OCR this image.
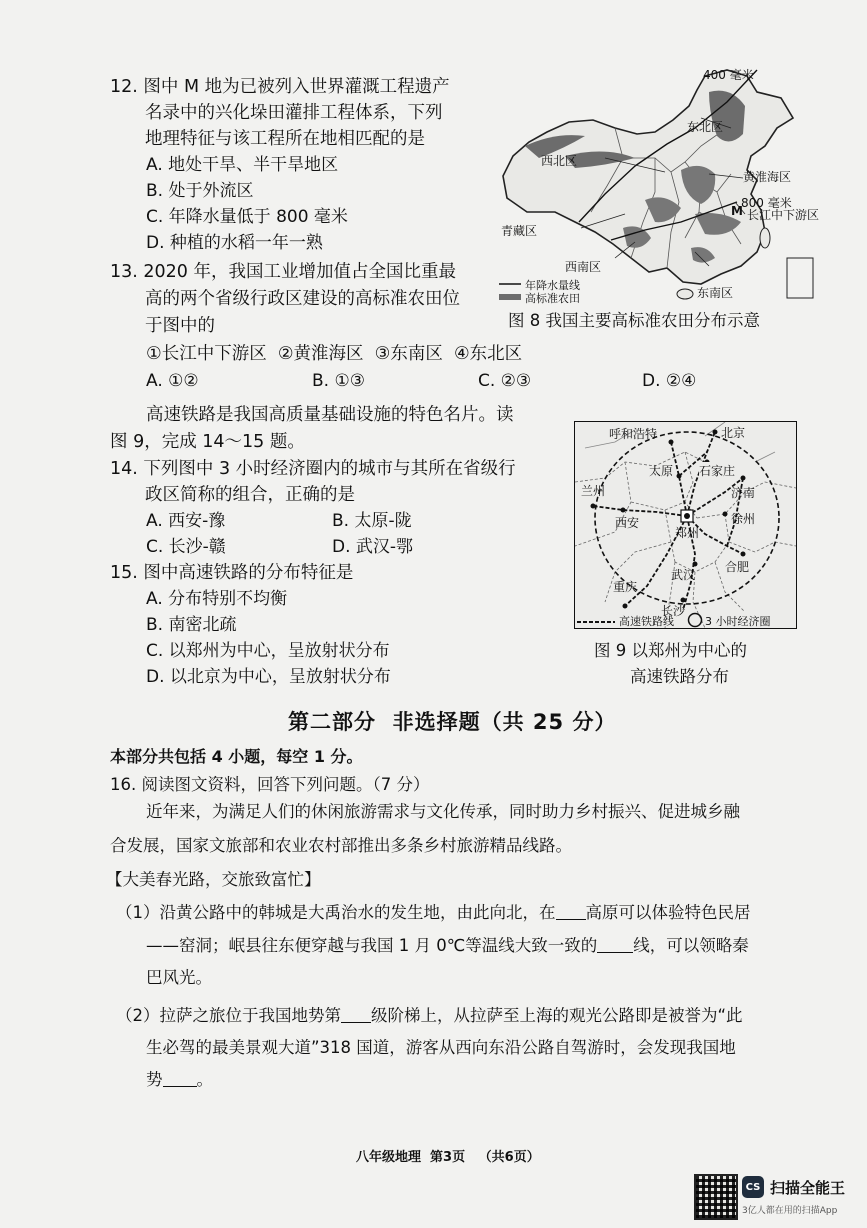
12. 图中 M 地为已被列入世界灌溉工程遗产
名录中的兴化垛田灌排工程体系，下列
地理特征与该工程所在地相匹配的是
A. 地处干旱、半干旱地区
B. 处于外流区
C. 年降水量低于 800 毫米
D. 种植的水稻一年一熟
13. 2020 年，我国工业增加值占全国比重最
高的两个省级行政区建设的高标准农田位
于图中的
①长江中下游区  ②黄淮海区  ③东南区  ④东北区
A. ①②	B. ①③	C. ②③	D. ②④
400 毫米
东北区
西北区
黄淮海区
800 毫米
M 长江中下游区
青藏区
西南区
东南区
年降水量线
高标准农田
图 8 我国主要高标准农田分布示意
高速铁路是我国高质量基础设施的特色名片。读
图 9，完成 14～15 题。
14. 下列图中 3 小时经济圈内的城市与其所在省级行
政区简称的组合，正确的是
A. 西安-豫	B. 太原-陇
C. 长沙-赣	D. 武汉-鄂
15. 图中高速铁路的分布特征是
A. 分布特别不均衡
B. 南密北疏
C. 以郑州为中心，呈放射状分布
D. 以北京为中心，呈放射状分布
呼和浩特	北京
太原 石家庄
济南
兰州
西安
郑州
徐州
合肥
武汉
重庆
长沙
高速铁路线	3 小时经济圈
图 9 以郑州为中心的
高速铁路分布
第二部分  非选择题（共 25 分）
本部分共包括 4 小题，每空 1 分。
16. 阅读图文资料，回答下列问题。（7 分）
近年来，为满足人们的休闲旅游需求与文化传承，同时助力乡村振兴、促进城乡融
合发展，国家文旅部和农业农村部推出多条乡村旅游精品线路。
【大美春光路，交旅致富忙】
（1）沿黄公路中的韩城是大禹治水的发生地，由此向北，在 高原可以体验特色民居
——窑洞；岷县往东便穿越与我国 1 月 0℃等温线大致一致的 线，可以领略秦
巴风光。
（2）拉萨之旅位于我国地势第 级阶梯上，从拉萨至上海的观光公路即是被誉为“此
生必驾的最美景观大道”318 国道，游客从西向东沿公路自驾游时，会发现我国地
势 。
八年级地理  第3页   （共6页）
CS 扫描全能王
3亿人都在用的扫描App
